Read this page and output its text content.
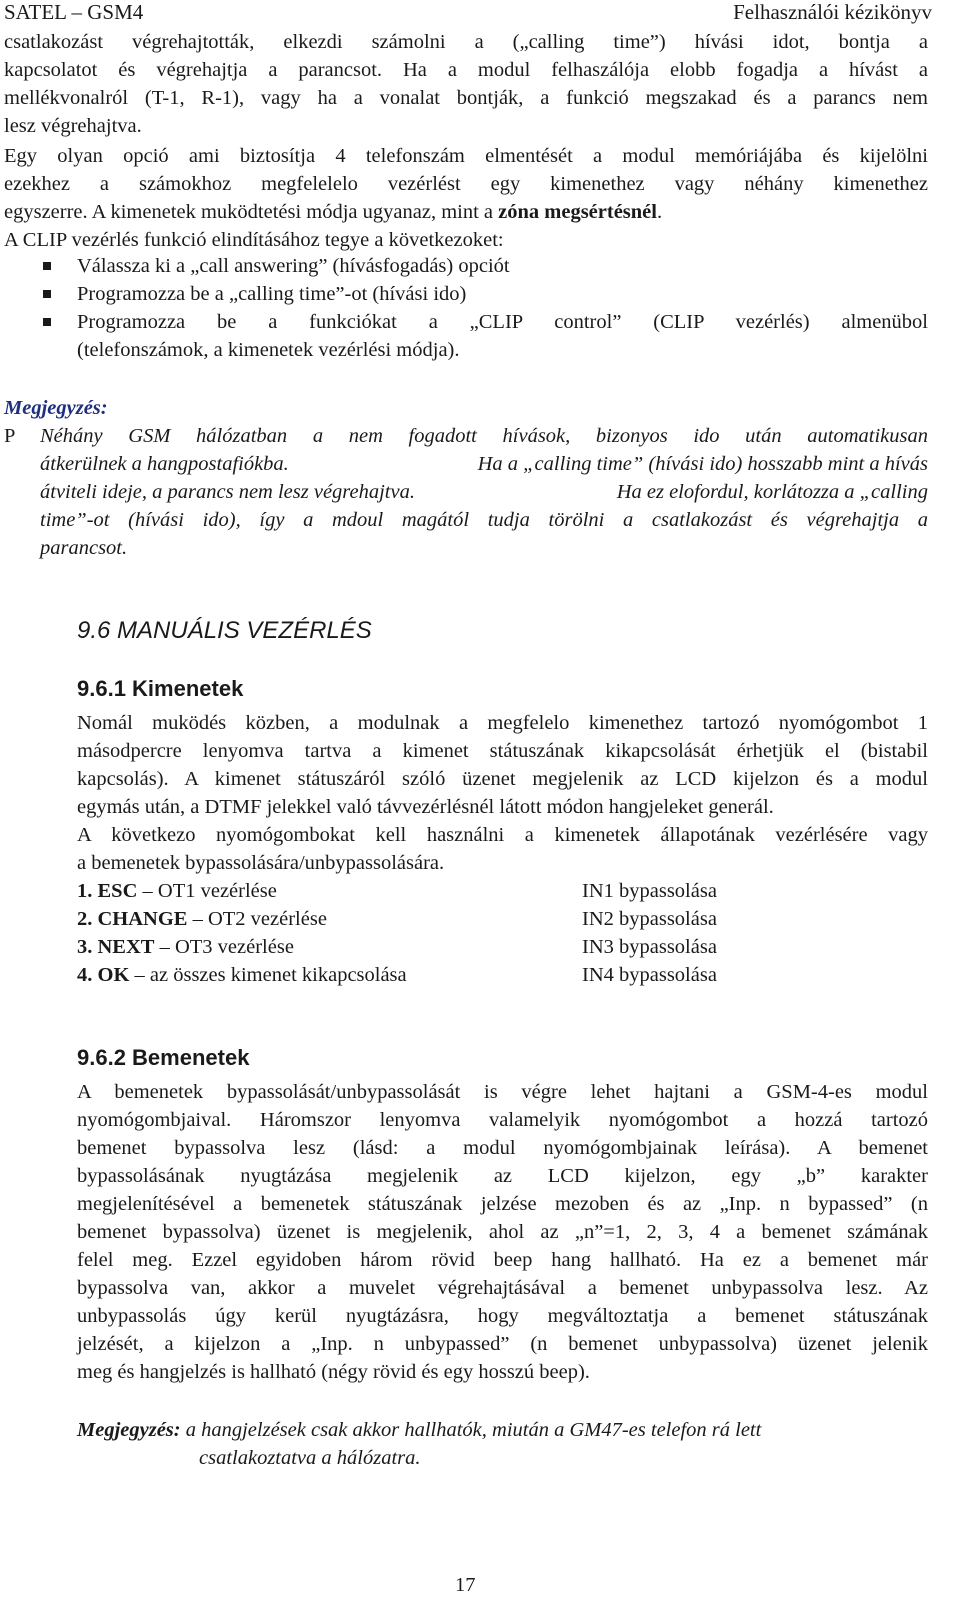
SATEL – GSM4	Felhasználói kézikönyv
csatlakozást végrehajtották, elkezdi számolni a („calling time”) hívási idot, bontja a
kapcsolatot és végrehajtja a parancsot. Ha a modul felhaszálója elobb fogadja a hívást a
mellékvonalról (T-1, R-1), vagy ha a vonalat bontják, a funkció megszakad és a parancs nem
lesz végrehajtva.
Egy olyan opció ami biztosítja 4 telefonszám elmentését a modul memóriájába és kijelölni
ezekhez a számokhoz megfelelelo vezérlést egy kimenethez vagy néhány kimenethez
egyszerre. A kimenetek muködtetési módja ugyanaz, mint a zóna megsértésnél.
A CLIP vezérlés funkció elindításához tegye a következoket:
Válassza ki a „call answering” (hívásfogadás) opciót
Programozza be a „calling time”-ot (hívási ido)
Programozza be a funkciókat a „CLIP control” (CLIP vezérlés) almenübol
(telefonszámok, a kimenetek vezérlési módja).
Megjegyzés:
P Néhány GSM hálózatban a nem fogadott hívások, bizonyos ido után automatikusan
átkerülnek a hangpostafiókba.	Ha a „calling time” (hívási ido) hosszabb mint a hívás
átviteli ideje, a parancs nem lesz végrehajtva.	Ha ez elofordul, korlátozza a „calling
time”-ot (hívási ido), így a mdoul magától tudja törölni a csatlakozást és végrehajtja a
parancsot.
9.6 MANUÁLIS VEZÉRLÉS
9.6.1 Kimenetek
Nomál muködés közben, a modulnak a megfelelo kimenethez tartozó nyomógombot 1
másodpercre lenyomva tartva a kimenet státuszának kikapcsolását érhetjük el (bistabil
kapcsolás). A kimenet státuszáról szóló üzenet megjelenik az LCD kijelzon és a modul
egymás után, a DTMF jelekkel való távvezérlésnél látott módon hangjeleket generál.
A következo nyomógombokat kell használni a kimenetek állapotának vezérlésére vagy
a bemenetek bypassolására/unbypassolására.
1. ESC – OT1 vezérlése	IN1 bypassolása
2. CHANGE – OT2 vezérlése	IN2 bypassolása
3. NEXT – OT3 vezérlése	IN3 bypassolása
4. OK – az összes kimenet kikapcsolása	IN4 bypassolása
9.6.2 Bemenetek
A bemenetek bypassolását/unbypassolását is végre lehet hajtani a GSM-4-es modul
nyomógombjaival. Háromszor lenyomva valamelyik nyomógombot a hozzá tartozó
bemenet bypassolva lesz (lásd: a modul nyomógombjainak leírása). A bemenet
bypassolásának nyugtázása megjelenik az LCD kijelzon, egy „b” karakter
megjelenítésével a bemenetek státuszának jelzése mezoben és az „Inp. n bypassed” (n
bemenet bypassolva) üzenet is megjelenik, ahol az „n”=1, 2, 3, 4 a bemenet számának
felel meg. Ezzel egyidoben három rövid beep hang hallható. Ha ez a bemenet már
bypassolva van, akkor a muvelet végrehajtásával a bemenet unbypassolva lesz. Az
unbypassolás úgy kerül nyugtázásra, hogy megváltoztatja a bemenet státuszának
jelzését, a kijelzon a „Inp. n unbypassed” (n bemenet unbypassolva) üzenet jelenik
meg és hangjelzés is hallható (négy rövid és egy hosszú beep).
Megjegyzés: a hangjelzések csak akkor hallhatók, miután a GM47-es telefon rá lett
csatlakoztatva a hálózatra.
17
